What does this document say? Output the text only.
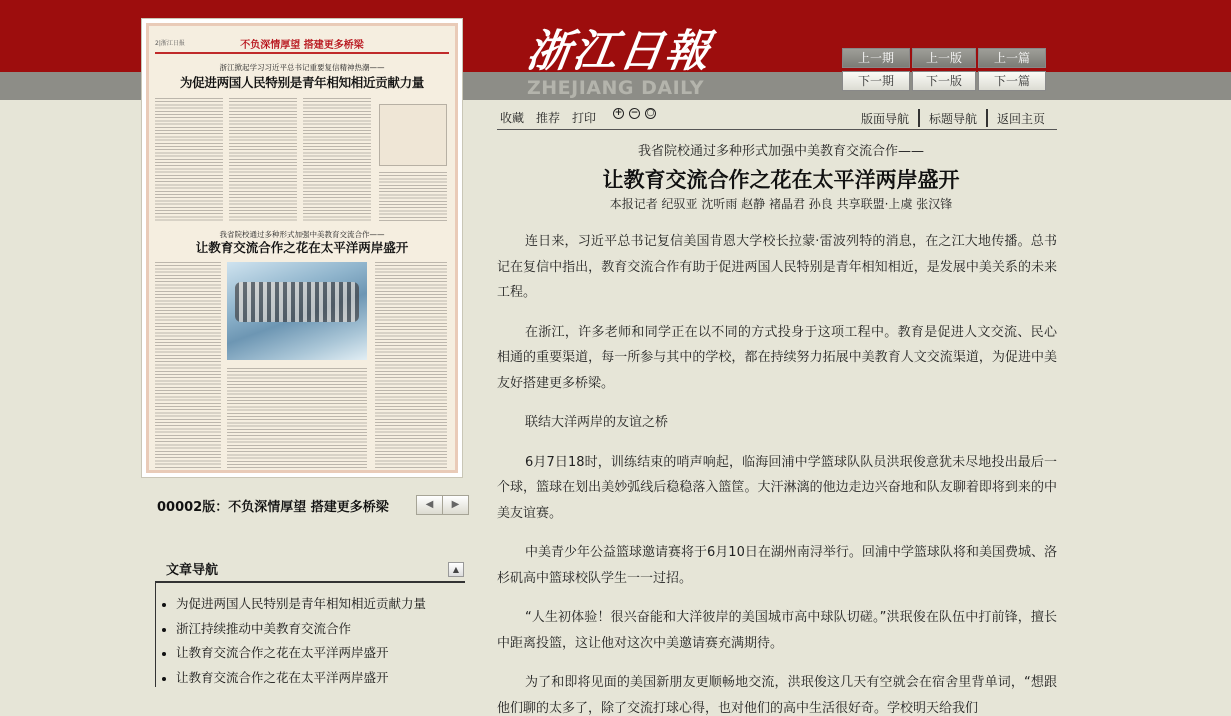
2|浙江日报	不负深情厚望 搭建更多桥梁
浙江掀起学习习近平总书记重要复信精神热潮——
为促进两国人民特别是青年相知相近贡献力量
我省院校通过多种形式加强中美教育交流合作——
让教育交流合作之花在太平洋两岸盛开
00002版：不负深情厚望 搭建更多桥梁	◀	▶
文章导航	▲
为促进两国人民特别是青年相知相近贡献力量
浙江持续推动中美教育交流合作
让教育交流合作之花在太平洋两岸盛开
让教育交流合作之花在太平洋两岸盛开
浙江日報
ZHEJIANG DAILY
上一期	上一版	上一篇
下一期	下一版	下一篇
收藏 推荐 打印 + − ○	版面导航 标题导航 返回主页
我省院校通过多种形式加强中美教育交流合作——
让教育交流合作之花在太平洋两岸盛开
本报记者 纪驭亚 沈听雨 赵静 褚晶君 孙良 共享联盟·上虞 张汉锋

连日来，习近平总书记复信美国肯恩大学校长拉蒙·雷波列特的消息，在之江大地传播。总书记在复信中指出，教育交流合作有助于促进两国人民特别是青年相知相近，是发展中美关系的未来工程。

在浙江，许多老师和同学正在以不同的方式投身于这项工程中。教育是促进人文交流、民心相通的重要渠道，每一所参与其中的学校，都在持续努力拓展中美教育人文交流渠道，为促进中美友好搭建更多桥梁。

联结大洋两岸的友谊之桥

6月7日18时，训练结束的哨声响起，临海回浦中学篮球队队员洪珉俊意犹未尽地投出最后一个球，篮球在划出美妙弧线后稳稳落入篮筐。大汗淋漓的他边走边兴奋地和队友聊着即将到来的中美友谊赛。

中美青少年公益篮球邀请赛将于6月10日在湖州南浔举行。回浦中学篮球队将和美国费城、洛杉矶高中篮球校队学生一一过招。

“人生初体验！很兴奋能和大洋彼岸的美国城市高中球队切磋。”洪珉俊在队伍中打前锋，擅长中距离投篮，这让他对这次中美邀请赛充满期待。

为了和即将见面的美国新朋友更顺畅地交流，洪珉俊这几天有空就会在宿舍里背单词，“想跟他们聊的太多了，除了交流打球心得，也对他们的高中生活很好奇。学校明天给我们
